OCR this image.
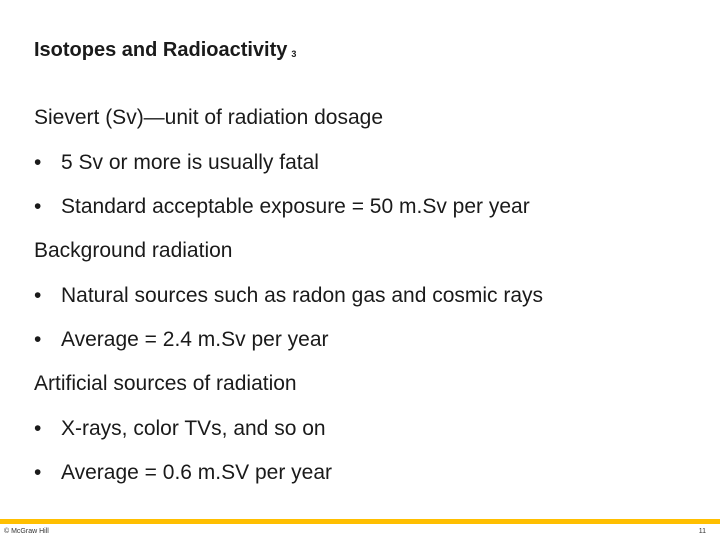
Isotopes and Radioactivity 3

Sievert (Sv)—unit of radiation dosage

• 5 Sv or more is usually fatal
• Standard acceptable exposure = 50 m.Sv per year

Background radiation

• Natural sources such as radon gas and cosmic rays
• Average = 2.4 m.Sv per year

Artificial sources of radiation

• X-rays, color TVs, and so on
• Average = 0.6 m.SV per year
© McGraw Hill	11
